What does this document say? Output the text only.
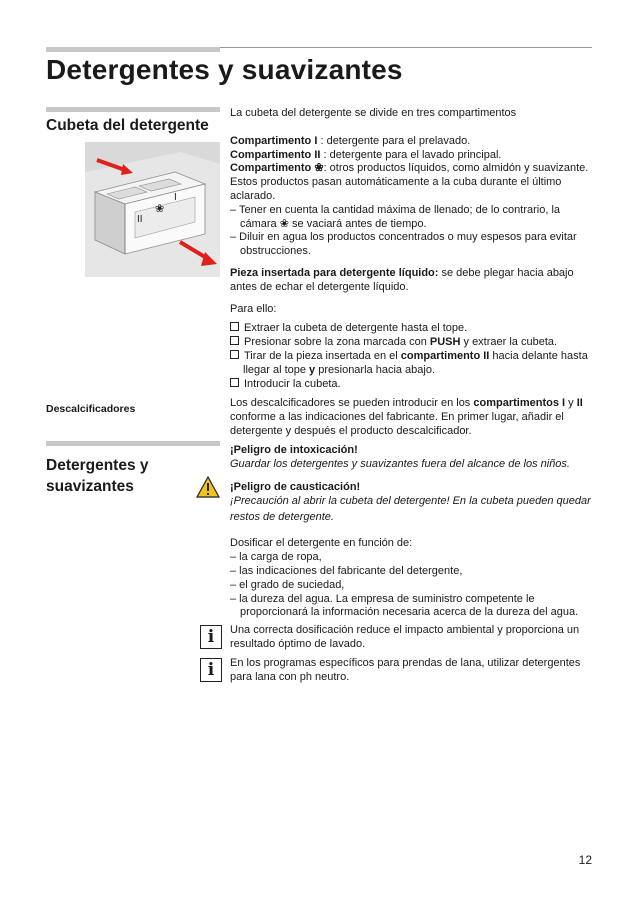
Detergentes y suavizantes
Cubeta del detergente
I
II
❀

La cubeta del detergente se divide en tres compartimentos

Compartimento I : detergente para el prelavado.

Compartimento II : detergente para el lavado principal.

Compartimento ❀: otros productos líquidos, como almidón y suavizante.

Estos productos pasan automáticamente a la cuba durante el último aclarado.

– Tener en cuenta la cantidad máxima de llenado; de lo contrario, la cámara ❀ se vaciará antes de tiempo.

– Diluir en agua los productos concentrados o muy espesos para evitar obstrucciones.

Pieza insertada para detergente líquido: se debe plegar hacia abajo antes de echar el detergente líquido.

Para ello:

Extraer la cubeta de detergente hasta el tope.

Presionar sobre la zona marcada con PUSH y extraer la cubeta.

Tirar de la pieza insertada en el compartimento II hacia delante hasta llegar al tope y presionarla hacia abajo.

Introducir la cubeta.

Descalcificadores	Los descalcificadores se pueden introducir en los compartimentos I y II conforme a las indicaciones del fabricante. En primer lugar, añadir el detergente y después el producto descalcificador.

Detergentes y suavizantes

¡Peligro de intoxicación!

Guardar los detergentes y suavizantes fuera del alcance de los niños.

¡Peligro de causticación!

¡Precaución al abrir la cubeta del detergente! En la cubeta pueden quedar restos de detergente.

Dosificar el detergente en función de:

– la carga de ropa,

– las indicaciones del fabricante del detergente,

– el grado de suciedad,

– la dureza del agua. La empresa de suministro competente le proporcionará la información necesaria acerca de la dureza del agua.

i	Una correcta dosificación reduce el impacto ambiental y proporciona un resultado óptimo de lavado.
i	En los programas específicos para prendas de lana, utilizar detergentes para lana con ph neutro.
12
